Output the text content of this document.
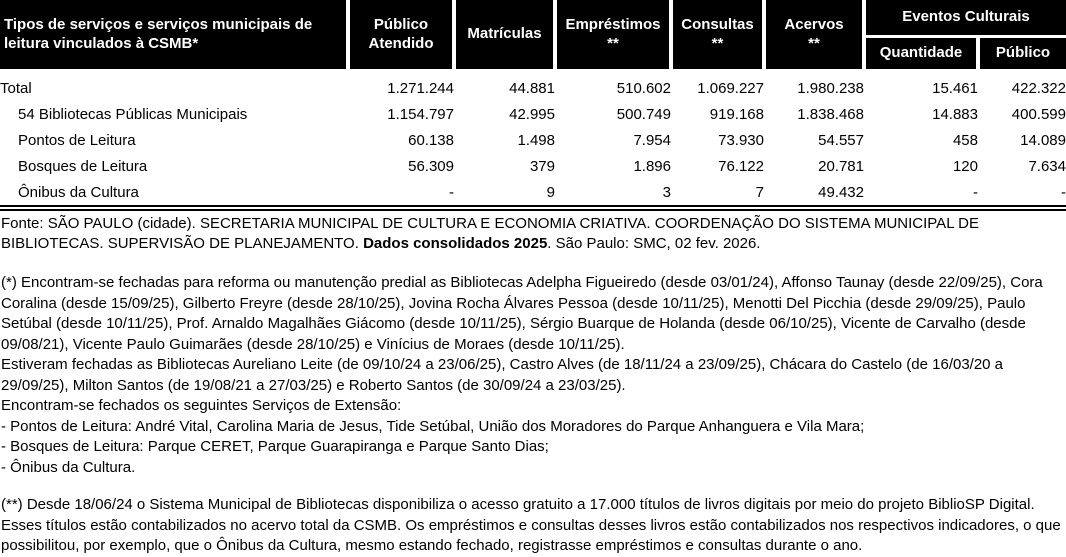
Tipos de serviços e serviços municipais de leitura vinculados à CSMB*	Público
Atendido	Matrículas	Empréstimos
**	Consultas
**	Acervos
**	Eventos Culturais	
						Quantidade	Público
Total	1.271.244	44.881	510.602	1.069.227	1.980.238	15.461	422.322
54 Bibliotecas Públicas Municipais	1.154.797	42.995	500.749	919.168	1.838.468	14.883	400.599
Pontos de Leitura	60.138	1.498	7.954	73.930	54.557	458	14.089
Bosques de Leitura	56.309	379	1.896	76.122	20.781	120	7.634
Ônibus da Cultura	-	9	3	7	49.432	-	-
Fonte: SÃO PAULO (cidade). SECRETARIA MUNICIPAL DE CULTURA E ECONOMIA CRIATIVA. COORDENAÇÃO DO SISTEMA MUNICIPAL DE BIBLIOTECAS. SUPERVISÃO DE PLANEJAMENTO. Dados consolidados 2025. São Paulo: SMC, 02 fev. 2026.
(*) Encontram-se fechadas para reforma ou manutenção predial as Bibliotecas Adelpha Figueiredo (desde 03/01/24), Affonso Taunay (desde 22/09/25), Cora Coralina (desde 15/09/25), Gilberto Freyre (desde 28/10/25), Jovina Rocha Álvares Pessoa (desde 10/11/25), Menotti Del Picchia (desde 29/09/25), Paulo Setúbal (desde 10/11/25), Prof. Arnaldo Magalhães Giácomo (desde 10/11/25), Sérgio Buarque de Holanda (desde 06/10/25), Vicente de Carvalho (desde 09/08/21), Vicente Paulo Guimarães (desde 28/10/25) e Vinícius de Moraes (desde 10/11/25).
Estiveram fechadas as Bibliotecas Aureliano Leite (de 09/10/24 a 23/06/25), Castro Alves (de 18/11/24 a 23/09/25), Chácara do Castelo (de 16/03/20 a 29/09/25), Milton Santos (de 19/08/21 a 27/03/25) e Roberto Santos (de 30/09/24 a 23/03/25).
Encontram-se fechados os seguintes Serviços de Extensão:
- Pontos de Leitura: André Vital, Carolina Maria de Jesus, Tide Setúbal, União dos Moradores do Parque Anhanguera e Vila Mara;
- Bosques de Leitura: Parque CERET, Parque Guarapiranga e Parque Santo Dias;
- Ônibus da Cultura.
(**) Desde 18/06/24 o Sistema Municipal de Bibliotecas disponibiliza o acesso gratuito a 17.000 títulos de livros digitais por meio do projeto BiblioSP Digital. Esses títulos estão contabilizados no acervo total da CSMB. Os empréstimos e consultas desses livros estão contabilizados nos respectivos indicadores, o que possibilitou, por exemplo, que o Ônibus da Cultura, mesmo estando fechado, registrasse empréstimos e consultas durante o ano.
